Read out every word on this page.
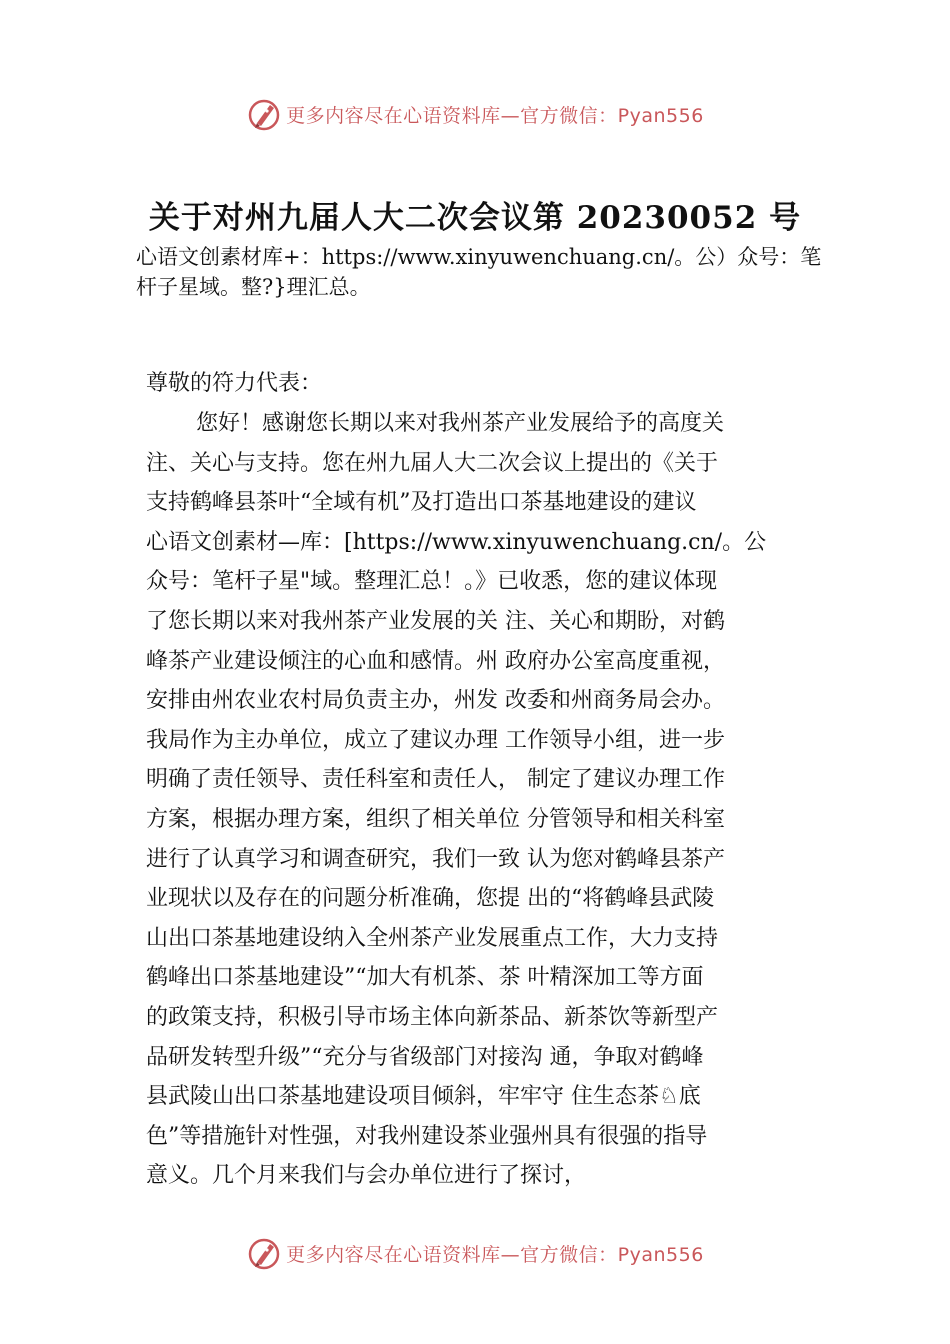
更多内容尽在心语资料库—官方微信：Pyan556
关于对州九届人大二次会议第 20230052 号
心语文创素材库+：https://www.xinyuwenchuang.cn/。公）众号：笔杆子星域。整?}理汇总。
尊敬的符力代表：
您好！感谢您长期以来对我州茶产业发展给予的高度关
注、关心与支持。您在州九届人大二次会议上提出的《关于
支持鹤峰县茶叶“全域有机”及打造出口茶基地建设的建议
心语文创素材—库：[https://www.xinyuwenchuang.cn/。公
众号：笔杆子星"域。整理汇总！。》已收悉，您的建议体现
了您长期以来对我州茶产业发展的关 注、关心和期盼，对鹤
峰茶产业建设倾注的心血和感情。州 政府办公室高度重视，
安排由州农业农村局负责主办，州发 改委和州商务局会办。
我局作为主办单位，成立了建议办理 工作领导小组，进一步
明确了责任领导、责任科室和责任人， 制定了建议办理工作
方案，根据办理方案，组织了相关单位 分管领导和相关科室
进行了认真学习和调查研究，我们一致 认为您对鹤峰县茶产
业现状以及存在的问题分析准确，您提 出的“将鹤峰县武陵
山出口茶基地建设纳入全州茶产业发展重点工作，大力支持
鹤峰出口茶基地建设”“加大有机茶、茶 叶精深加工等方面
的政策支持，积极引导市场主体向新茶品、新茶饮等新型产
品研发转型升级”“充分与省级部门对接沟 通，争取对鹤峰
县武陵山出口茶基地建设项目倾斜，牢牢守 住生态茶♘底
色”等措施针对性强，对我州建设茶业强州具有很强的指导
意义。几个月来我们与会办单位进行了探讨，
更多内容尽在心语资料库—官方微信：Pyan556
